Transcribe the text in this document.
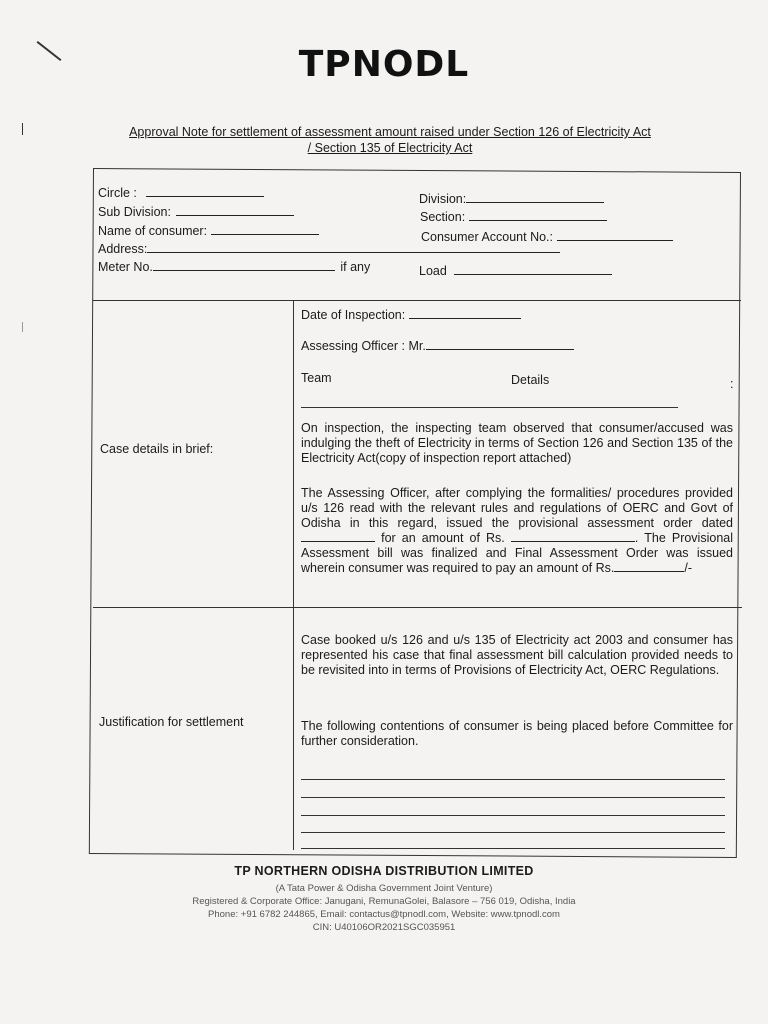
TPNODL
Approval Note for settlement of assessment amount raised under Section 126 of Electricity Act
/ Section 135 of Electricity Act
Circle :	Division:
Sub Division:	Section:
Name of consumer:	Consumer Account No.:
Address:
Meter No.	if any	Load
Case details in brief:
Date of Inspection:
Assessing Officer : Mr.
Team	Details	:
On inspection, the inspecting team observed that consumer/accused was indulging the theft of Electricity in terms of Section 126 and Section 135 of the Electricity Act(copy of inspection report attached)
The Assessing Officer, after complying the formalities/ procedures provided u/s 126 read with the relevant rules and regulations of OERC and Govt of Odisha in this regard, issued the provisional assessment order dated  for an amount of Rs.	. The Provisional Assessment bill was finalized and Final Assessment Order was issued wherein consumer was required to pay an amount of Rs.	/-
Justification for settlement
Case booked u/s 126 and u/s 135 of Electricity act 2003 and consumer has represented his case that final assessment bill calculation provided needs to be revisited into in terms of Provisions of Electricity Act, OERC Regulations.
The following contentions of consumer is being placed before Committee for further consideration.
TP NORTHERN ODISHA DISTRIBUTION LIMITED
(A Tata Power & Odisha Government Joint Venture)
Registered & Corporate Office: Janugani, RemunaGolei, Balasore – 756 019, Odisha, India
Phone: +91 6782 244865, Email: contactus@tpnodl.com, Website: www.tpnodl.com
CIN: U40106OR2021SGC035951
